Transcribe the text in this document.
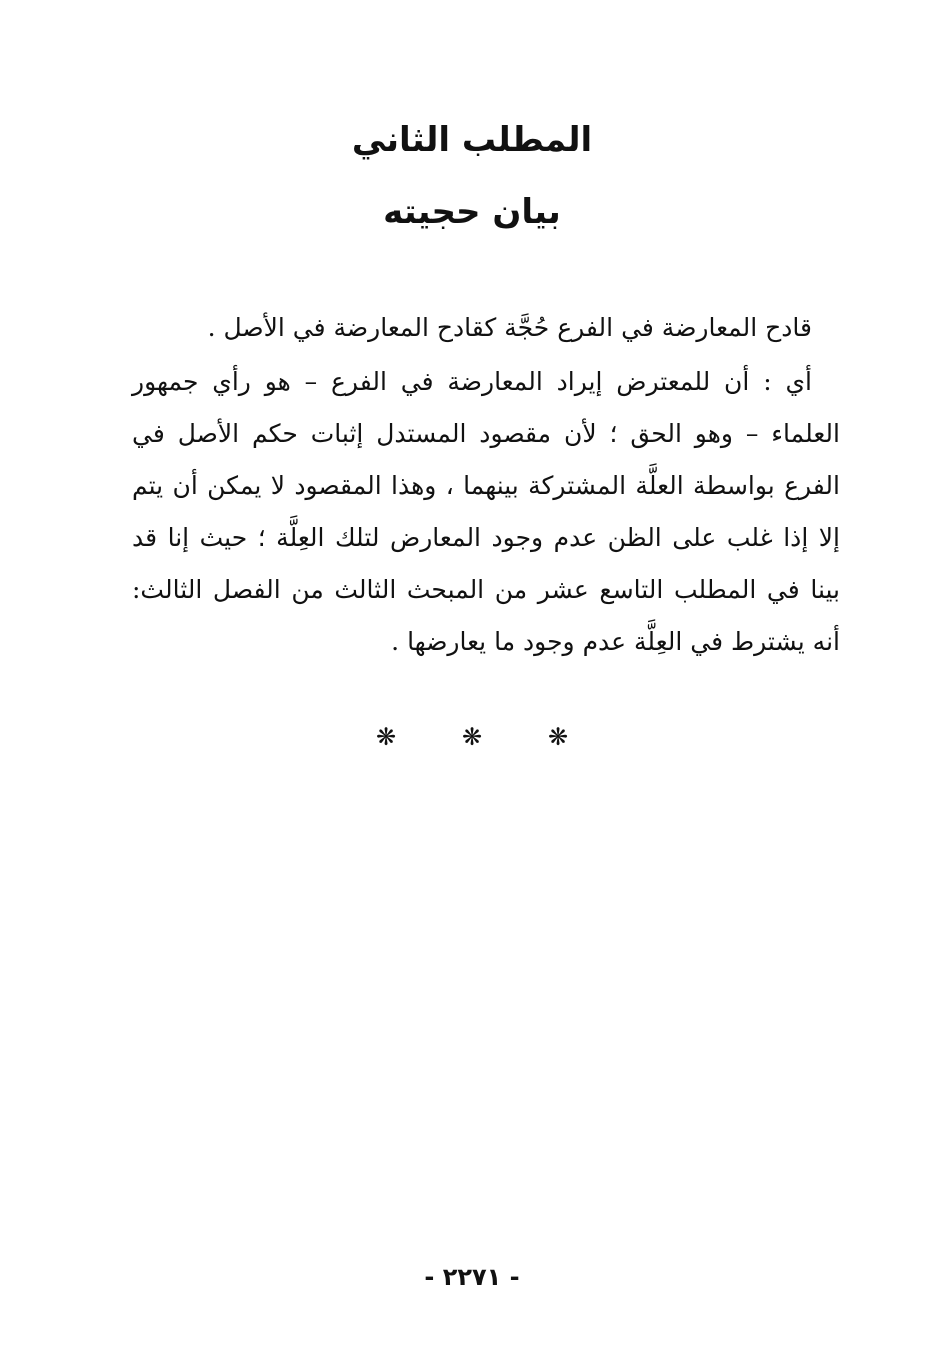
المطلب الثاني
بيان حجيته

قادح المعارضة في الفرع حُجَّة كقادح المعارضة في الأصل .

أي : أن للمعترض إيراد المعارضة في الفرع – هو رأي جمهور العلماء – وهو الحق ؛ لأن مقصود المستدل إثبات حكم الأصل في الفرع بواسطة العلَّة المشتركة بينهما ، وهذا المقصود لا يمكن أن يتم إلا إذا غلب على الظن عدم وجود المعارض لتلك العِلَّة ؛ حيث إنا قد بينا في المطلب التاسع عشر من المبحث الثالث من الفصل الثالث: أنه يشترط في العِلَّة عدم وجود ما يعارضها .

❋	❋	❋
- ٢٢٧١ -
